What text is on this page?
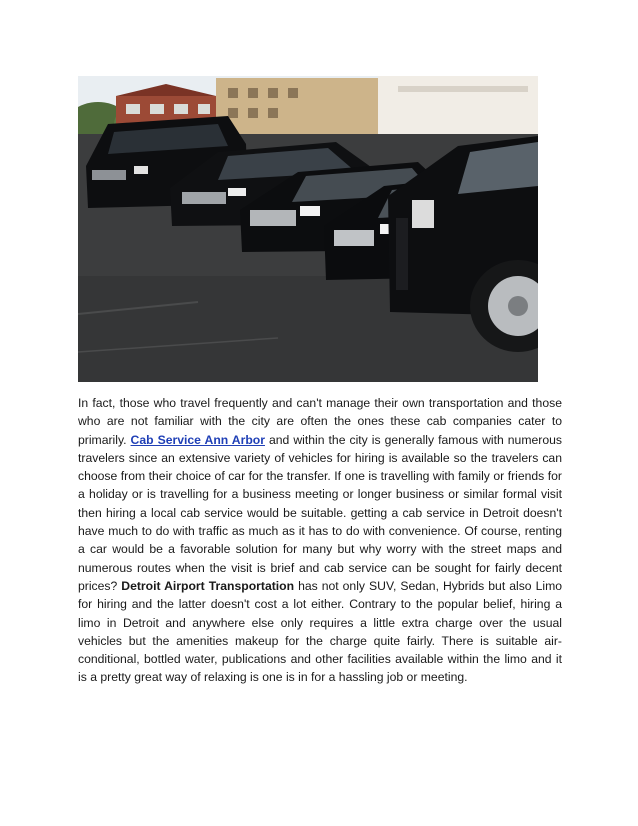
In fact, those who travel frequently and can't manage their own transportation and those who are not familiar with the city are often the ones these cab companies cater to primarily. Cab Service Ann Arbor and within the city is generally famous with numerous travelers since an extensive variety of vehicles for hiring is available so the travelers can choose from their choice of car for the transfer. If one is travelling with family or friends for a holiday or is travelling for a business meeting or longer business or similar formal visit then hiring a local cab service would be suitable. getting a cab service in Detroit doesn't have much to do with traffic as much as it has to do with convenience. Of course, renting a car would be a favorable solution for many but why worry with the street maps and numerous routes when the visit is brief and cab service can be sought for fairly decent prices? Detroit Airport Transportation has not only SUV, Sedan, Hybrids but also Limo for hiring and the latter doesn't cost a lot either. Contrary to the popular belief, hiring a limo in Detroit and anywhere else only requires a little extra charge over the usual vehicles but the amenities makeup for the charge quite fairly. There is suitable air-conditional, bottled water, publications and other facilities available within the limo and it is a pretty great way of relaxing is one is in for a hassling job or meeting.
